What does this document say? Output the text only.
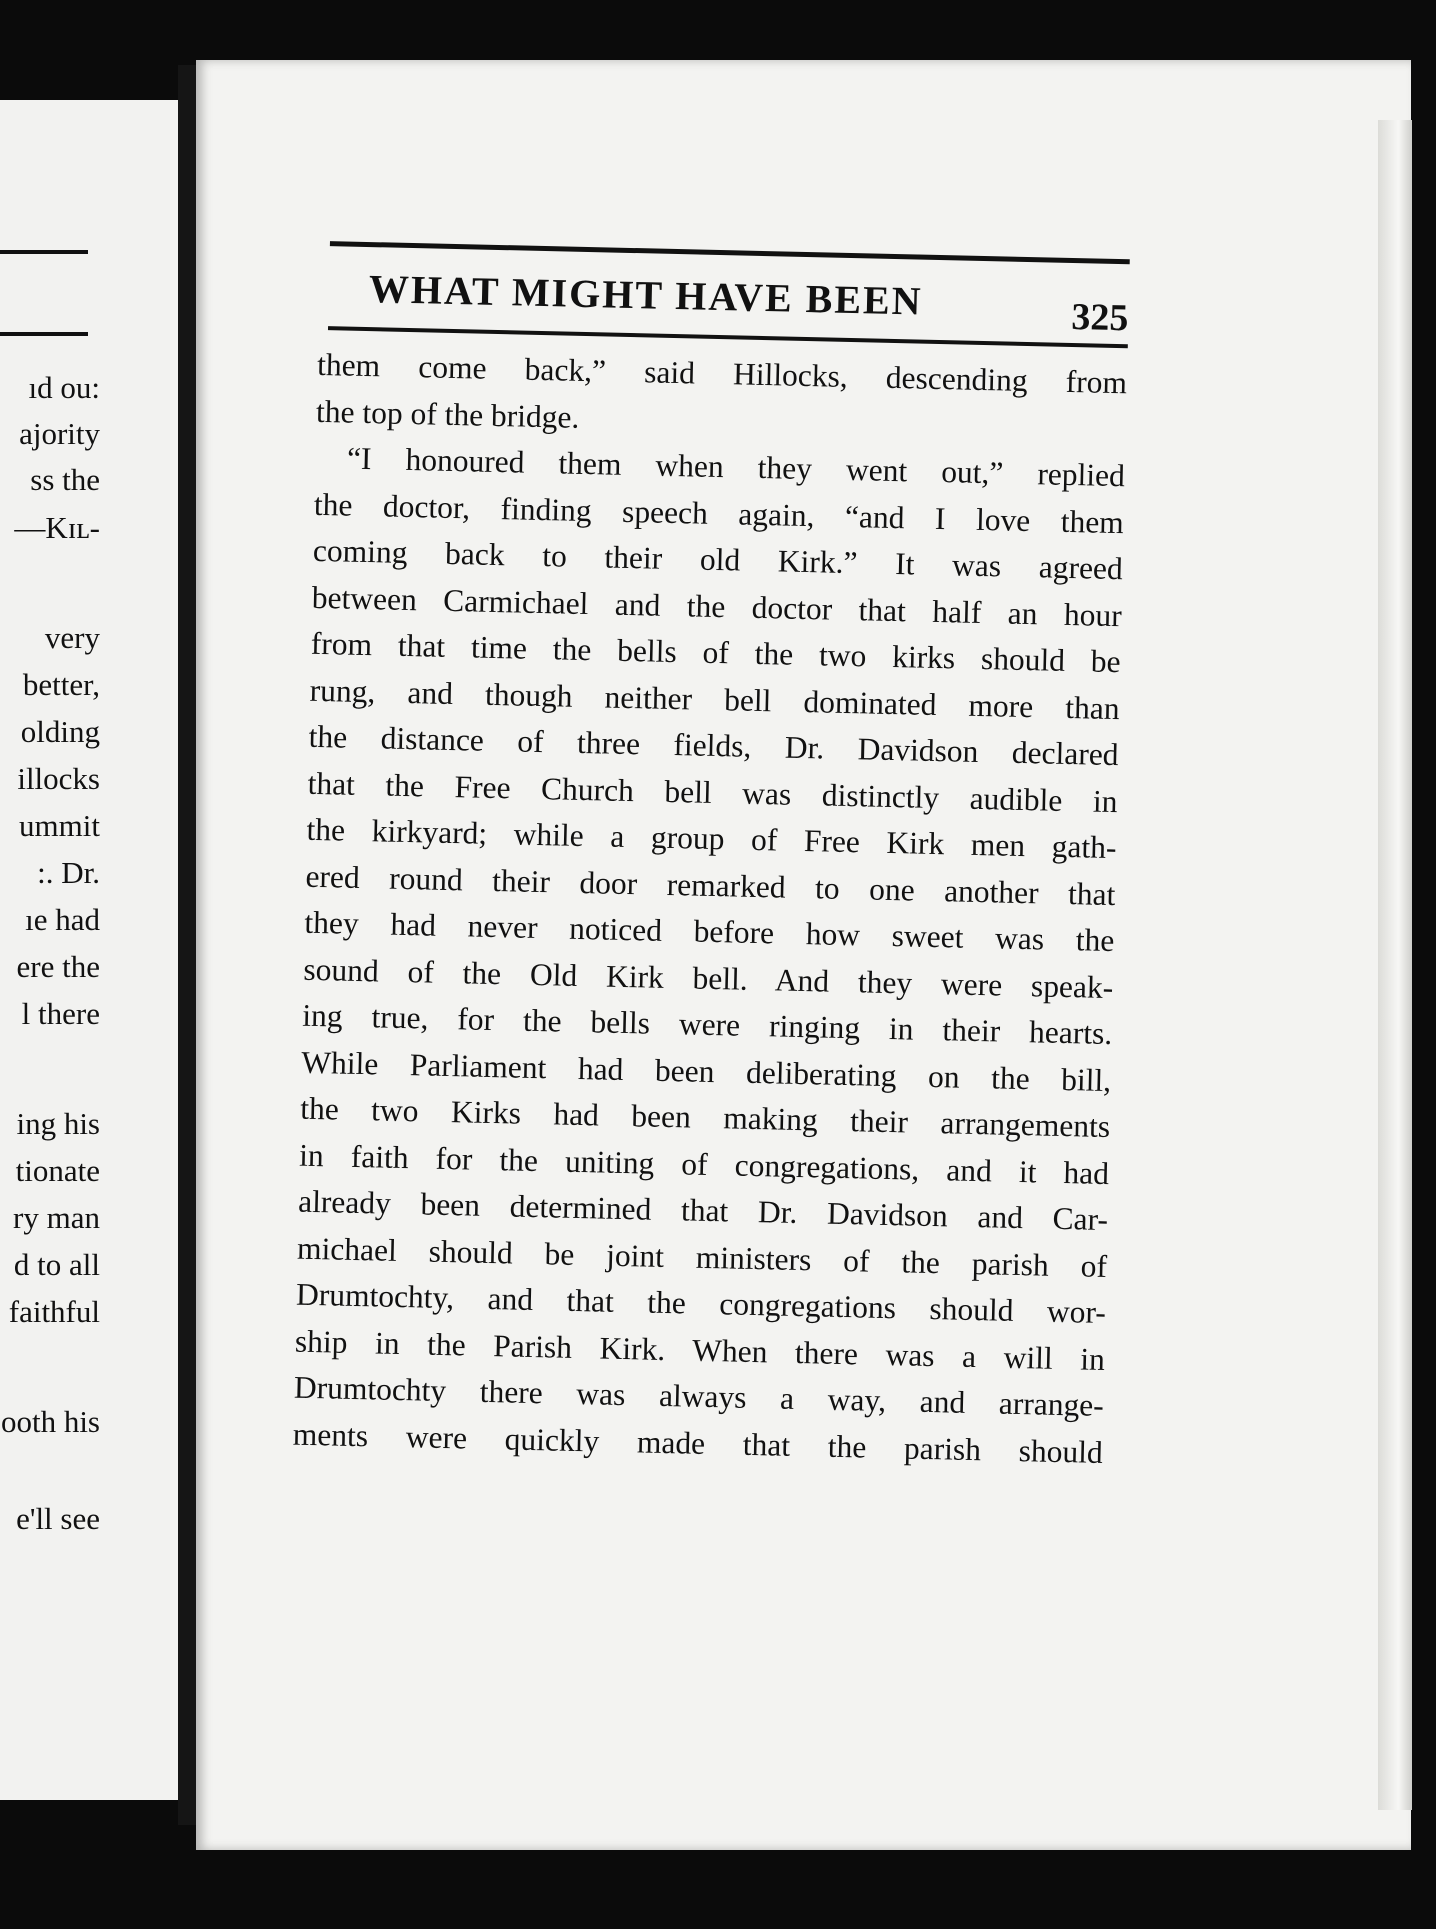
ıd ou:
ajority
ss the
—Kɪʟ-
very
better,
olding
illocks
ummit
:. Dr.
ıe had
ere the
l there
ing his
tionate
ry man
d to all
faithful
ooth his
e'll see
WHAT MIGHT HAVE BEEN	325
them come back,” said Hillocks, descending from
the top of the bridge.
“I honoured them when they went out,” replied
the doctor, finding speech again, “and I love them
coming back to their old Kirk.” It was agreed
between Carmichael and the doctor that half an hour
from that time the bells of the two kirks should be
rung, and though neither bell dominated more than
the distance of three fields, Dr. Davidson declared
that the Free Church bell was distinctly audible in
the kirkyard; while a group of Free Kirk men gath-
ered round their door remarked to one another that
they had never noticed before how sweet was the
sound of the Old Kirk bell. And they were speak-
ing true, for the bells were ringing in their hearts.
While Parliament had been deliberating on the bill,
the two Kirks had been making their arrangements
in faith for the uniting of congregations, and it had
already been determined that Dr. Davidson and Car-
michael should be joint ministers of the parish of
Drumtochty, and that the congregations should wor-
ship in the Parish Kirk. When there was a will in
Drumtochty there was always a way, and arrange-
ments were quickly made that the parish should
